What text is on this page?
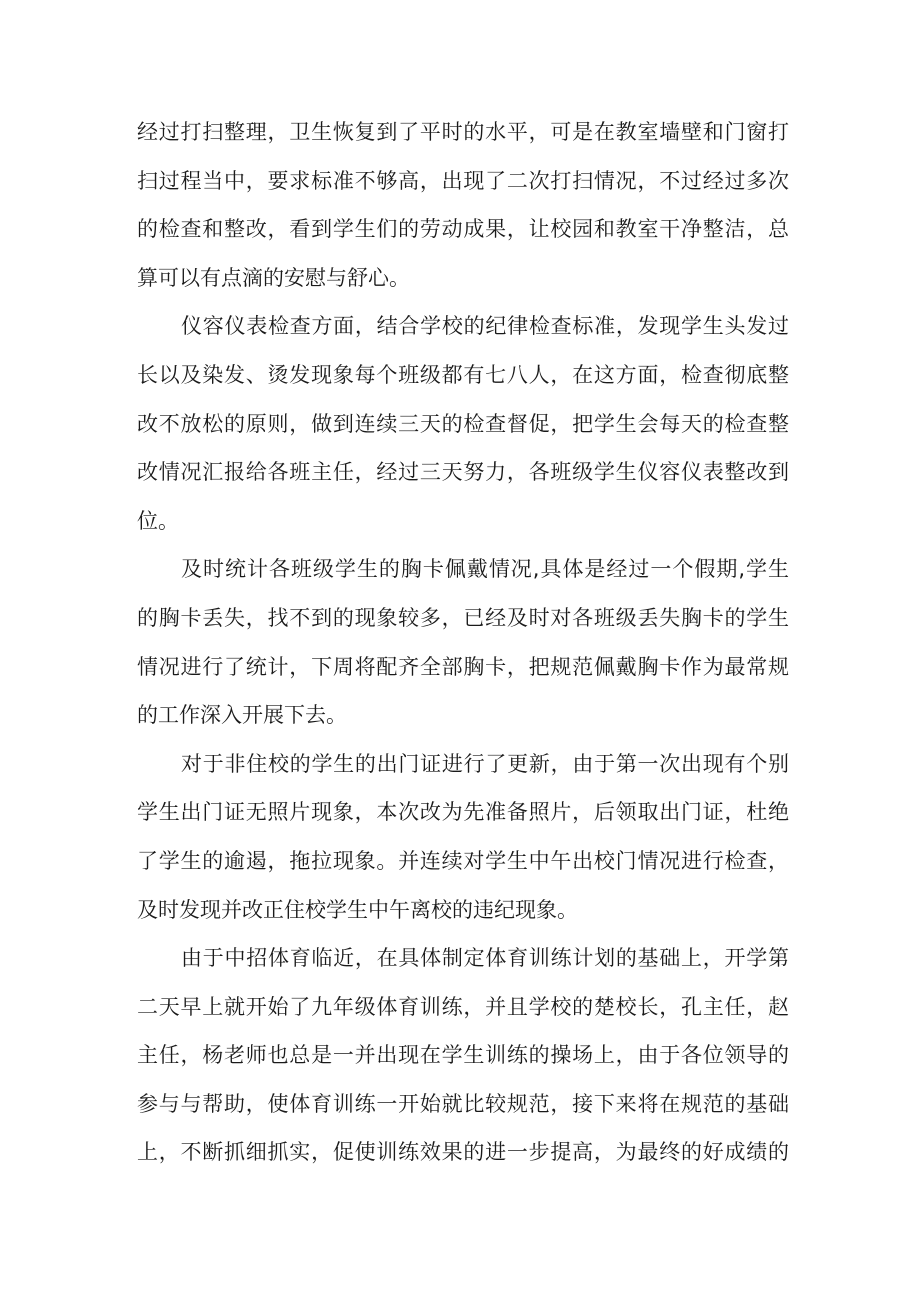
经过打扫整理，卫生恢复到了平时的水平，可是在教室墙壁和门窗打
扫过程当中，要求标准不够高，出现了二次打扫情况，不过经过多次
的检查和整改，看到学生们的劳动成果，让校园和教室干净整洁，总
算可以有点滴的安慰与舒心。
仪容仪表检查方面，结合学校的纪律检查标准，发现学生头发过
长以及染发、烫发现象每个班级都有七八人，在这方面，检查彻底整
改不放松的原则，做到连续三天的检查督促，把学生会每天的检查整
改情况汇报给各班主任，经过三天努力，各班级学生仪容仪表整改到
位。
及时统计各班级学生的胸卡佩戴情况,具体是经过一个假期,学生
的胸卡丢失，找不到的现象较多，已经及时对各班级丢失胸卡的学生
情况进行了统计，下周将配齐全部胸卡，把规范佩戴胸卡作为最常规
的工作深入开展下去。
对于非住校的学生的出门证进行了更新，由于第一次出现有个别
学生出门证无照片现象，本次改为先准备照片，后领取出门证，杜绝
了学生的逾遏，拖拉现象。并连续对学生中午出校门情况进行检查，
及时发现并改正住校学生中午离校的违纪现象。
由于中招体育临近，在具体制定体育训练计划的基础上，开学第
二天早上就开始了九年级体育训练，并且学校的楚校长，孔主任，赵
主任，杨老师也总是一并出现在学生训练的操场上，由于各位领导的
参与与帮助，使体育训练一开始就比较规范，接下来将在规范的基础
上，不断抓细抓实，促使训练效果的进一步提高，为最终的好成绩的
